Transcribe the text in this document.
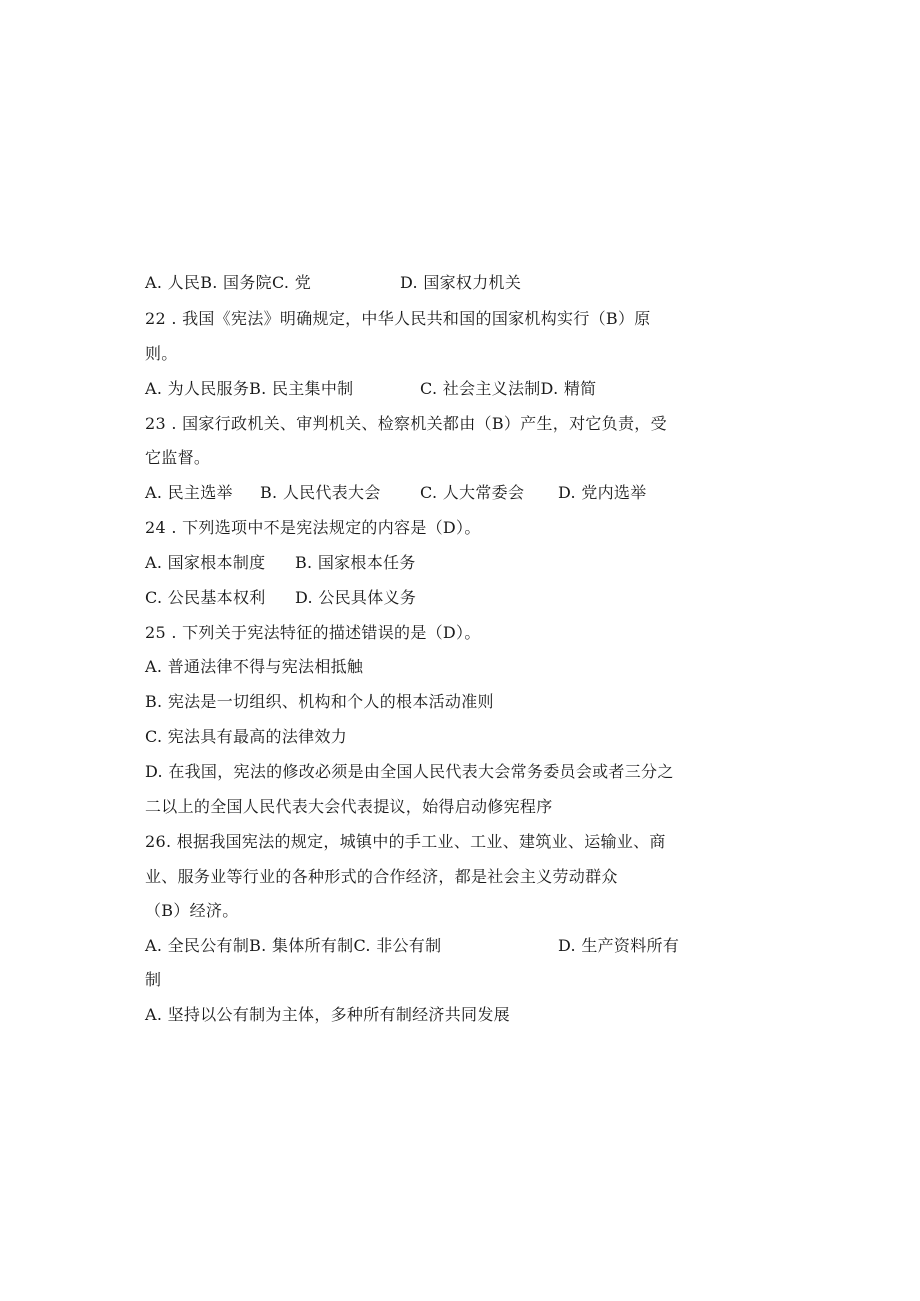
A. 人民B. 国务院C. 党

	D. 国家权力机关

22 . 我国《宪法》明确规定，中华人民共和国的国家机构实行（B）原
则。

A. 为人民服务B. 民主集中制

	C. 社会主义法制D. 精简

23 . 国家行政机关、审判机关、检察机关都由（B）产生，对它负责，受
它监督。

A. 民主选举

B. 人民代表大会

C. 人大常委会

D. 党内选举

24 . 下列选项中不是宪法规定的内容是（D）。

A. 国家根本制度

B. 国家根本任务

C. 公民基本权利

D. 公民具体义务

25 . 下列关于宪法特征的描述错误的是（D）。
A. 普通法律不得与宪法相抵触
B. 宪法是一切组织、机构和个人的根本活动准则
C. 宪法具有最高的法律效力
D. 在我国，宪法的修改必须是由全国人民代表大会常务委员会或者三分之
二以上的全国人民代表大会代表提议，始得启动修宪程序
26. 根据我国宪法的规定，城镇中的手工业、工业、建筑业、运输业、商
业、服务业等行业的各种形式的合作经济，都是社会主义劳动群众
（B）经济。

A. 全民公有制B. 集体所有制C. 非公有制

	D. 生产资料所有

制
A. 坚持以公有制为主体，多种所有制经济共同发展
